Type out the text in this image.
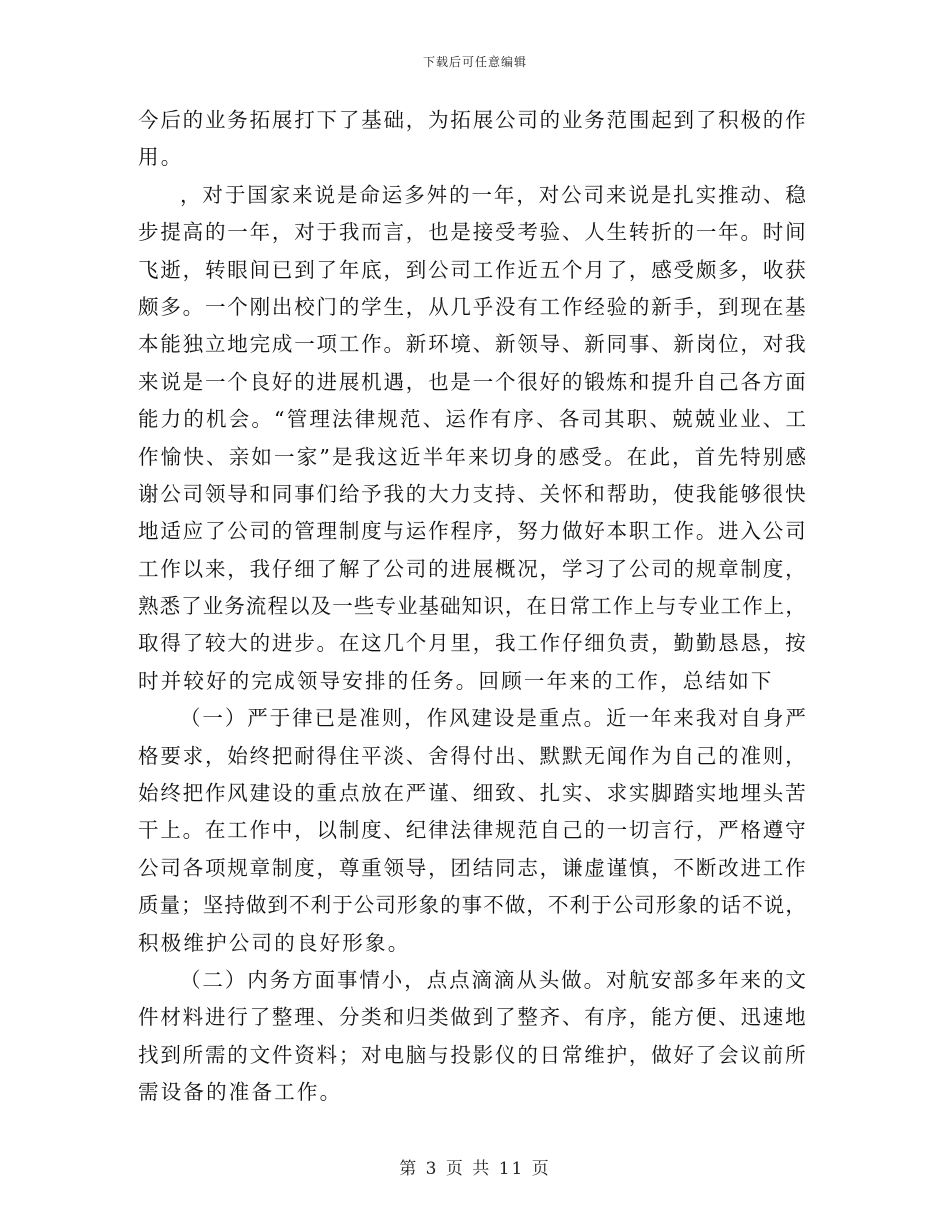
下载后可任意编辑
今 后 的 业 务 拓 展 打 下 了 基 础 ， 为 拓 展 公 司 的 业 务 范 围 起 到 了 积 极 的 作
用。
， 对 于 国 家 来 说 是 命 运 多 舛 的 一 年 ， 对 公 司 来 说 是 扎 实 推 动 、 稳
步 提 高 的 一 年 ， 对 于 我 而 言 ， 也 是 接 受 考 验 、 人 生 转 折 的 一 年 。 时 间
飞 逝 ， 转 眼 间 已 到 了 年 底 ， 到 公 司 工 作 近 五 个 月 了 ， 感 受 颇 多 ， 收 获
颇 多 。 一 个 刚 出 校 门 的 学 生 ， 从 几 乎 没 有 工 作 经 验 的 新 手 ， 到 现 在 基
本 能 独 立 地 完 成 一 项 工 作 。 新 环 境 、 新 领 导 、 新 同 事 、 新 岗 位 ， 对 我
来 说 是 一 个 良 好 的 进 展 机 遇 ， 也 是 一 个 很 好 的 锻 炼 和 提 升 自 己 各 方 面
能 力 的 机 会 。 “ 管 理 法 律 规 范 、 运 作 有 序 、 各 司 其 职 、 兢 兢 业 业 、 工
作 愉 快 、 亲 如 一 家 ” 是 我 这 近 半 年 来 切 身 的 感 受 。 在 此 ， 首 先 特 别 感
谢 公 司 领 导 和 同 事 们 给 予 我 的 大 力 支 持 、 关 怀 和 帮 助 ， 使 我 能 够 很 快
地 适 应 了 公 司 的 管 理 制 度 与 运 作 程 序 ， 努 力 做 好 本 职 工 作 。 进 入 公 司
工 作 以 来 ， 我 仔 细 了 解 了 公 司 的 进 展 概 况 ， 学 习 了 公 司 的 规 章 制 度 ，
熟 悉 了 业 务 流 程 以 及 一 些 专 业 基 础 知 识 ， 在 日 常 工 作 上 与 专 业 工 作 上 ，
取 得 了 较 大 的 进 步 。 在 这 几 个 月 里 ， 我 工 作 仔 细 负 责 ， 勤 勤 恳 恳 ， 按
时并较好的完成领导安排的任务。回顾一年来的工作，总结如下
（ 一 ） 严 于 律 已 是 准 则 ， 作 风 建 设 是 重 点 。 近 一 年 来 我 对 自 身 严
格 要 求 ， 始 终 把 耐 得 住 平 淡 、 舍 得 付 出 、 默 默 无 闻 作 为 自 己 的 准 则 ，
始 终 把 作 风 建 设 的 重 点 放 在 严 谨 、 细 致 、 扎 实 、 求 实 脚 踏 实 地 埋 头 苦
干 上 。 在 工 作 中 ， 以 制 度 、 纪 律 法 律 规 范 自 己 的 一 切 言 行 ， 严 格 遵 守
公 司 各 项 规 章 制 度 ， 尊 重 领 导 ， 团 结 同 志 ， 谦 虚 谨 慎 ， 不 断 改 进 工 作
质 量 ； 坚 持 做 到 不 利 于 公 司 形 象 的 事 不 做 ， 不 利 于 公 司 形 象 的 话 不 说 ，
积极维护公司的良好形象。
（ 二 ） 内 务 方 面 事 情 小 ， 点 点 滴 滴 从 头 做 。 对 航 安 部 多 年 来 的 文
件 材 料 进 行 了 整 理 、 分 类 和 归 类 做 到 了 整 齐 、 有 序 ， 能 方 便 、 迅 速 地
找 到 所 需 的 文 件 资 料 ； 对 电 脑 与 投 影 仪 的 日 常 维 护 ， 做 好 了 会 议 前 所
需设备的准备工作。
第 3 页 共 11 页
